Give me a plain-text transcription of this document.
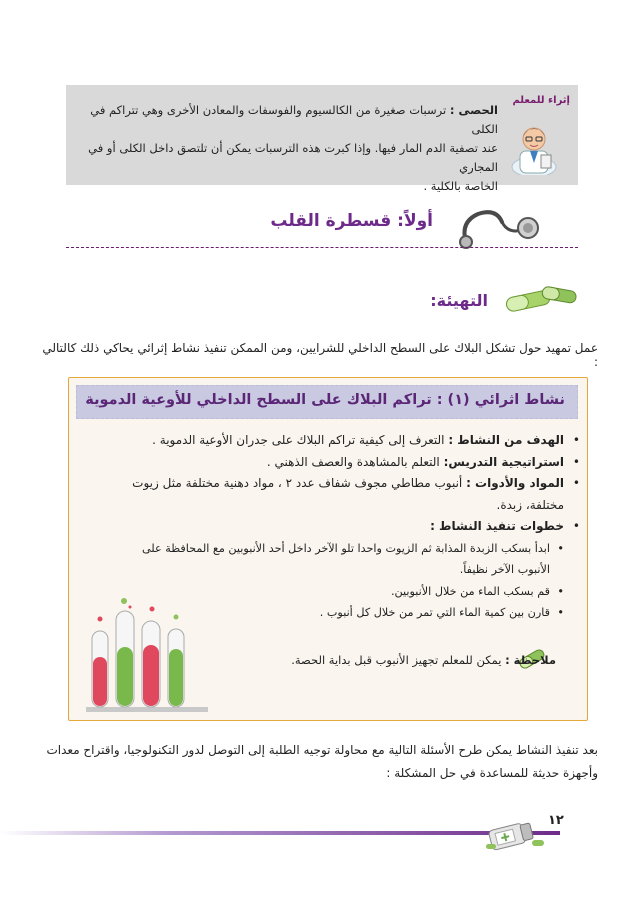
إثراء للمعلم
الحصى : ترسبات صغيرة من الكالسيوم والفوسفات والمعادن الأخرى وهي تتراكم في الكلى
عند تصفية الدم المار فيها. وإذا كبرت هذه الترسبات يمكن أن تلتصق داخل الكلى أو في المجاري
الخاصة بالكلية .
أولاً: قسطرة القلب
التهيئة:
عمل تمهيد حول تشكل البلاك على السطح الداخلي للشرايين، ومن الممكن تنفيذ نشاط إثرائي يحاكي ذلك كالتالي :
نشاط اثرائي (١) : تراكم البلاك على السطح الداخلي للأوعية الدموية
• الهدف من النشاط : التعرف إلى كيفية تراكم البلاك على جدران الأوعية الدموية .
• استراتيجية التدريس: التعلم بالمشاهدة والعصف الذهني .
• المواد والأدوات : أنبوب مطاطي مجوف شفاف عدد ٢ ، مواد دهنية مختلفة مثل زيوت مختلفة، زبدة.
• خطوات تنفيذ النشاط :
• ابدأ بسكب الزبدة المذابة ثم الزيوت واحدا تلو الآخر داخل أحد الأنبوبين مع المحافظة على الأنبوب الآخر نظيفاً.
• قم بسكب الماء من خلال الأنبوبين.
• قارن بين كمية الماء التي تمر من خلال كل أنبوب .
ملاحظة : يمكن للمعلم تجهيز الأنبوب قبل بداية الحصة.
بعد تنفيذ النشاط يمكن طرح الأسئلة التالية مع محاولة توجيه الطلبة إلى التوصل لدور التكنولوجيا، واقتراح معدات وأجهزة حديثة للمساعدة في حل المشكلة :
١٢
